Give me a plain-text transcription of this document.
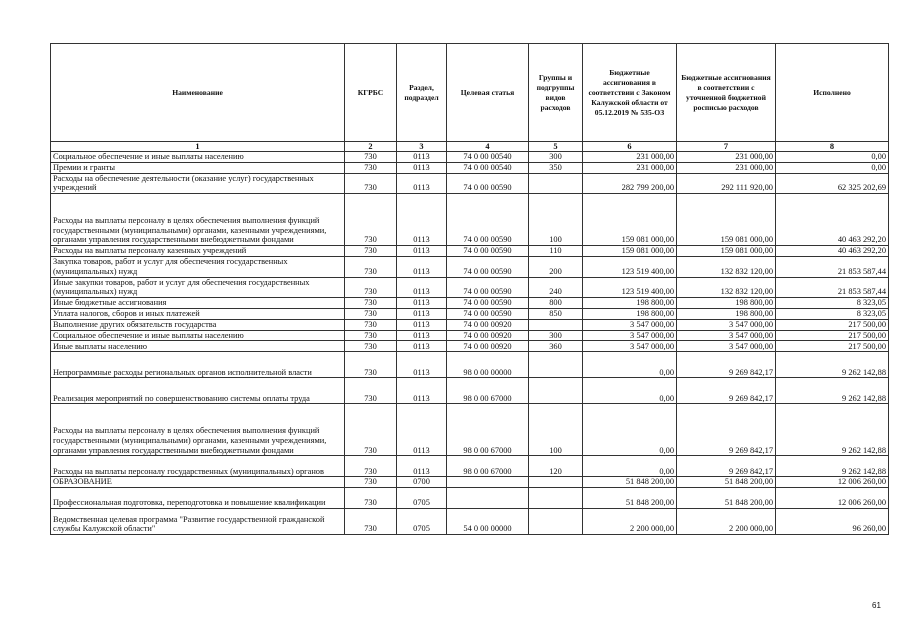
Наименование	КГРБС	Раздел, подраздел	Целевая статья	Группы и подгруппы видов расходов	Бюджетные ассигнования в соответствии с Законом Калужской области от 05.12.2019 № 535-ОЗ	Бюджетные ассигнования в соответствии с уточненной бюджетной росписью расходов	Исполнено
1	2	3	4	5	6	7	8
Социальное обеспечение и иные выплаты населению	730	0113	74 0 00 00540	300	231 000,00	231 000,00	0,00
Премии и гранты	730	0113	74 0 00 00540	350	231 000,00	231 000,00	0,00
Расходы на обеспечение деятельности (оказание услуг) государственных учреждений	730	0113	74 0 00 00590		282 799 200,00	292 111 920,00	62 325 202,69
Расходы на выплаты персоналу в целях обеспечения выполнения функций государственными (муниципальными) органами, казенными учреждениями, органами управления государственными внебюджетными фондами	730	0113	74 0 00 00590	100	159 081 000,00	159 081 000,00	40 463 292,20
Расходы на выплаты персоналу казенных учреждений	730	0113	74 0 00 00590	110	159 081 000,00	159 081 000,00	40 463 292,20
Закупка товаров, работ и услуг для обеспечения государственных (муниципальных) нужд	730	0113	74 0 00 00590	200	123 519 400,00	132 832 120,00	21 853 587,44
Иные закупки товаров, работ и услуг для обеспечения государственных (муниципальных) нужд	730	0113	74 0 00 00590	240	123 519 400,00	132 832 120,00	21 853 587,44
Иные бюджетные ассигнования	730	0113	74 0 00 00590	800	198 800,00	198 800,00	8 323,05
Уплата налогов, сборов и иных платежей	730	0113	74 0 00 00590	850	198 800,00	198 800,00	8 323,05
Выполнение других обязательств государства	730	0113	74 0 00 00920		3 547 000,00	3 547 000,00	217 500,00
Социальное обеспечение и иные выплаты населению	730	0113	74 0 00 00920	300	3 547 000,00	3 547 000,00	217 500,00
Иные выплаты населению	730	0113	74 0 00 00920	360	3 547 000,00	3 547 000,00	217 500,00
Непрограммные расходы региональных органов исполнительной власти	730	0113	98 0 00 00000		0,00	9 269 842,17	9 262 142,88
Реализация мероприятий по совершенствованию системы оплаты труда	730	0113	98 0 00 67000		0,00	9 269 842,17	9 262 142,88
Расходы на выплаты персоналу в целях обеспечения выполнения функций государственными (муниципальными) органами, казенными учреждениями, органами управления государственными внебюджетными фондами	730	0113	98 0 00 67000	100	0,00	9 269 842,17	9 262 142,88
Расходы на выплаты персоналу государственных (муниципальных) органов	730	0113	98 0 00 67000	120	0,00	9 269 842,17	9 262 142,88
ОБРАЗОВАНИЕ	730	0700			51 848 200,00	51 848 200,00	12 006 260,00
Профессиональная подготовка, переподготовка и повышение квалификации	730	0705			51 848 200,00	51 848 200,00	12 006 260,00
Ведомственная целевая программа "Развитие государственной гражданской службы Калужской области"	730	0705	54 0 00 00000		2 200 000,00	2 200 000,00	96 260,00
61
